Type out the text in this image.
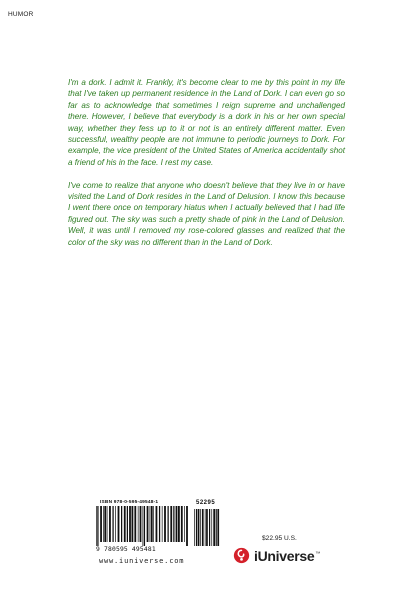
HUMOR

I'm a dork. I admit it. Frankly, it's become clear to me by this point in my life that I've taken up permanent residence in the Land of Dork. I can even go so far as to acknowledge that sometimes I reign supreme and unchallenged there. However, I believe that everybody is a dork in his or her own special way, whether they fess up to it or not is an entirely different matter. Even successful, wealthy people are not immune to periodic journeys to Dork. For example, the vice president of the United States of America accidentally shot a friend of his in the face. I rest my case.

I've come to realize that anyone who doesn't believe that they live in or have visited the Land of Dork resides in the Land of Delusion. I know this because I went there once on temporary hiatus when I actually believed that I had life figured out. The sky was such a pretty shade of pink in the Land of Delusion. Well, it was until I removed my rose-colored glasses and realized that the color of the sky was no different than in the Land of Dork.

ISBN 978-0-595-49548-1	52295
9 780595 495481
www.iuniverse.com
$22.95 U.S.
iUniverse™
